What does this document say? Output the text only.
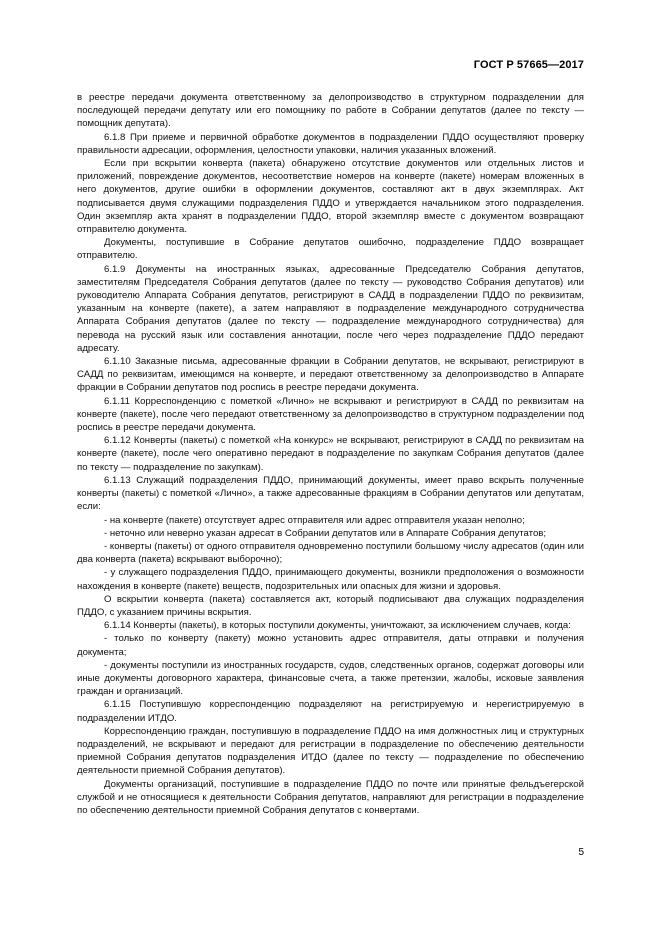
ГОСТ Р 57665—2017

в реестре передачи документа ответственному за делопроизводство в структурном подразделении для последующей передачи депутату или его помощнику по работе в Собрании депутатов (далее по тексту — помощник депутата).

6.1.8 При приеме и первичной обработке документов в подразделении ПДДО осуществляют проверку правильности адресации, оформления, целостности упаковки, наличия указанных вложений.

Если при вскрытии конверта (пакета) обнаружено отсутствие документов или отдельных листов и приложений, повреждение документов, несоответствие номеров на конверте (пакете) номерам вложенных в него документов, другие ошибки в оформлении документов, составляют акт в двух экземплярах. Акт подписывается двумя служащими подразделения ПДДО и утверждается начальником этого подразделения. Один экземпляр акта хранят в подразделении ПДДО, второй экземпляр вместе с документом возвращают отправителю документа.

Документы, поступившие в Собрание депутатов ошибочно, подразделение ПДДО возвращает отправителю.

6.1.9 Документы на иностранных языках, адресованные Председателю Собрания депутатов, заместителям Председателя Собрания депутатов (далее по тексту — руководство Собрания депутатов) или руководителю Аппарата Собрания депутатов, регистрируют в САДД в подразделении ПДДО по реквизитам, указанным на конверте (пакете), а затем направляют в подразделение международного сотрудничества Аппарата Собрания депутатов (далее по тексту — подразделение международного сотрудничества) для перевода на русский язык или составления аннотации, после чего через подразделение ПДДО передают адресату.

6.1.10 Заказные письма, адресованные фракции в Собрании депутатов, не вскрывают, регистрируют в САДД по реквизитам, имеющимся на конверте, и передают ответственному за делопроизводство в Аппарате фракции в Собрании депутатов под роспись в реестре передачи документа.

6.1.11 Корреспонденцию с пометкой «Лично» не вскрывают и регистрируют в САДД по реквизитам на конверте (пакете), после чего передают ответственному за делопроизводство в структурном подразделении под роспись в реестре передачи документа.

6.1.12 Конверты (пакеты) с пометкой «На конкурс» не вскрывают, регистрируют в САДД по реквизитам на конверте (пакете), после чего оперативно передают в подразделение по закупкам Собрания депутатов (далее по тексту — подразделение по закупкам).

6.1.13 Служащий подразделения ПДДО, принимающий документы, имеет право вскрыть полученные конверты (пакеты) с пометкой «Лично», а также адресованные фракциям в Собрании депутатов или депутатам, если:

- на конверте (пакете) отсутствует адрес отправителя или адрес отправителя указан неполно;

- неточно или неверно указан адресат в Собрании депутатов или в Аппарате Собрания депутатов;

- конверты (пакеты) от одного отправителя одновременно поступили большому числу адресатов (один или два конверта (пакета) вскрывают выборочно);

- у служащего подразделения ПДДО, принимающего документы, возникли предположения о возможности нахождения в конверте (пакете) веществ, подозрительных или опасных для жизни и здоровья.

О вскрытии конверта (пакета) составляется акт, который подписывают два служащих подразделения ПДДО, с указанием причины вскрытия.

6.1.14 Конверты (пакеты), в которых поступили документы, уничтожают, за исключением случаев, когда:

- только по конверту (пакету) можно установить адрес отправителя, даты отправки и получения документа;

- документы поступили из иностранных государств, судов, следственных органов, содержат договоры или иные документы договорного характера, финансовые счета, а также претензии, жалобы, исковые заявления граждан и организаций.

6.1.15 Поступившую корреспонденцию подразделяют на регистрируемую и нерегистрируемую в подразделении ИТДО.

Корреспонденцию граждан, поступившую в подразделение ПДДО на имя должностных лиц и структурных подразделений, не вскрывают и передают для регистрации в подразделение по обеспечению деятельности приемной Собрания депутатов подразделения ИТДО (далее по тексту — подразделение по обеспечению деятельности приемной Собрания депутатов).

Документы организаций, поступившие в подразделение ПДДО по почте или принятые фельдъегерской службой и не относящиеся к деятельности Собрания депутатов, направляют для регистрации в подразделение по обеспечению деятельности приемной Собрания депутатов с конвертами.

5
